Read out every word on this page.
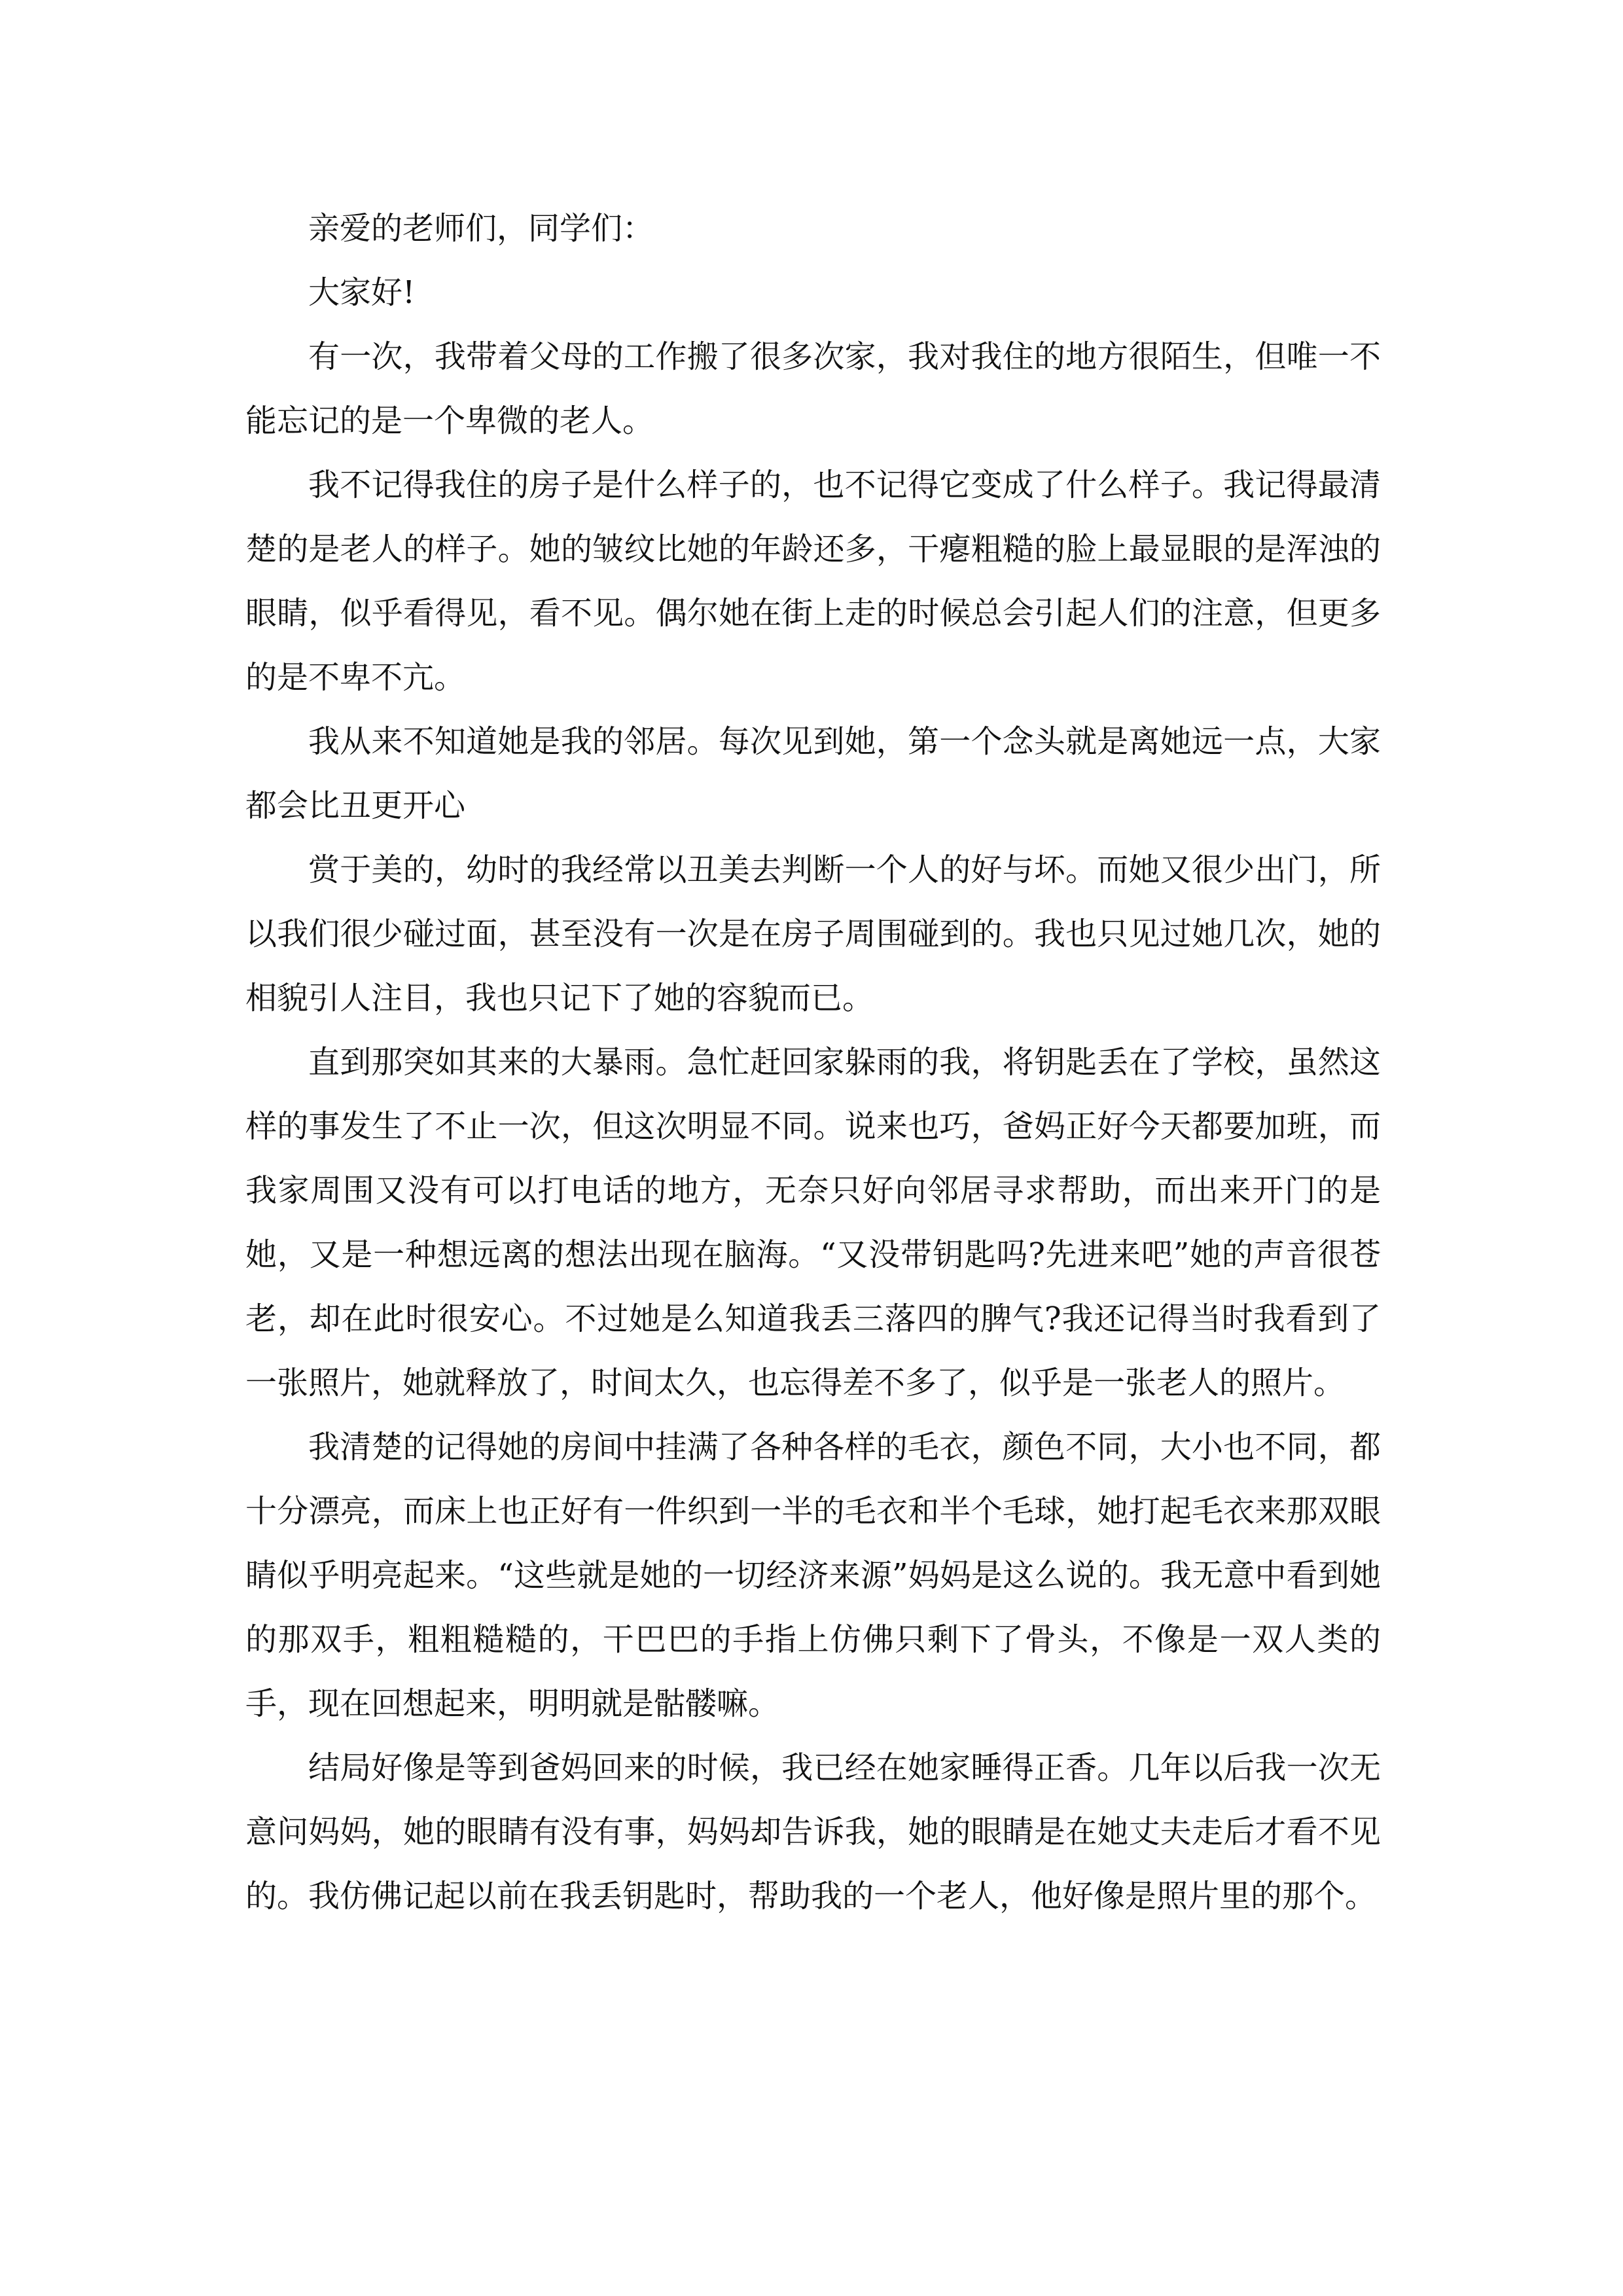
亲爱的老师们，同学们：

大家好!

有一次，我带着父母的工作搬了很多次家，我对我住的地方很陌生，但唯一不能忘记的是一个卑微的老人。

我不记得我住的房子是什么样子的，也不记得它变成了什么样子。我记得最清楚的是老人的样子。她的皱纹比她的年龄还多，干瘪粗糙的脸上最显眼的是浑浊的眼睛，似乎看得见，看不见。偶尔她在街上走的时候总会引起人们的注意，但更多的是不卑不亢。

我从来不知道她是我的邻居。每次见到她，第一个念头就是离她远一点，大家都会比丑更开心

赏于美的，幼时的我经常以丑美去判断一个人的好与坏。而她又很少出门，所以我们很少碰过面，甚至没有一次是在房子周围碰到的。我也只见过她几次，她的相貌引人注目，我也只记下了她的容貌而已。

直到那突如其来的大暴雨。急忙赶回家躲雨的我，将钥匙丢在了学校，虽然这样的事发生了不止一次，但这次明显不同。说来也巧，爸妈正好今天都要加班，而我家周围又没有可以打电话的地方，无奈只好向邻居寻求帮助，而出来开门的是她，又是一种想远离的想法出现在脑海。“又没带钥匙吗?先进来吧”她的声音很苍老，却在此时很安心。不过她是么知道我丢三落四的脾气?我还记得当时我看到了一张照片，她就释放了，时间太久，也忘得差不多了，似乎是一张老人的照片。

我清楚的记得她的房间中挂满了各种各样的毛衣，颜色不同，大小也不同，都十分漂亮，而床上也正好有一件织到一半的毛衣和半个毛球，她打起毛衣来那双眼睛似乎明亮起来。“这些就是她的一切经济来源”妈妈是这么说的。我无意中看到她的那双手，粗粗糙糙的，干巴巴的手指上仿佛只剩下了骨头，不像是一双人类的手，现在回想起来，明明就是骷髅嘛。

结局好像是等到爸妈回来的时候，我已经在她家睡得正香。几年以后我一次无意问妈妈，她的眼睛有没有事，妈妈却告诉我，她的眼睛是在她丈夫走后才看不见的。我仿佛记起以前在我丢钥匙时，帮助我的一个老人，他好像是照片里的那个。
